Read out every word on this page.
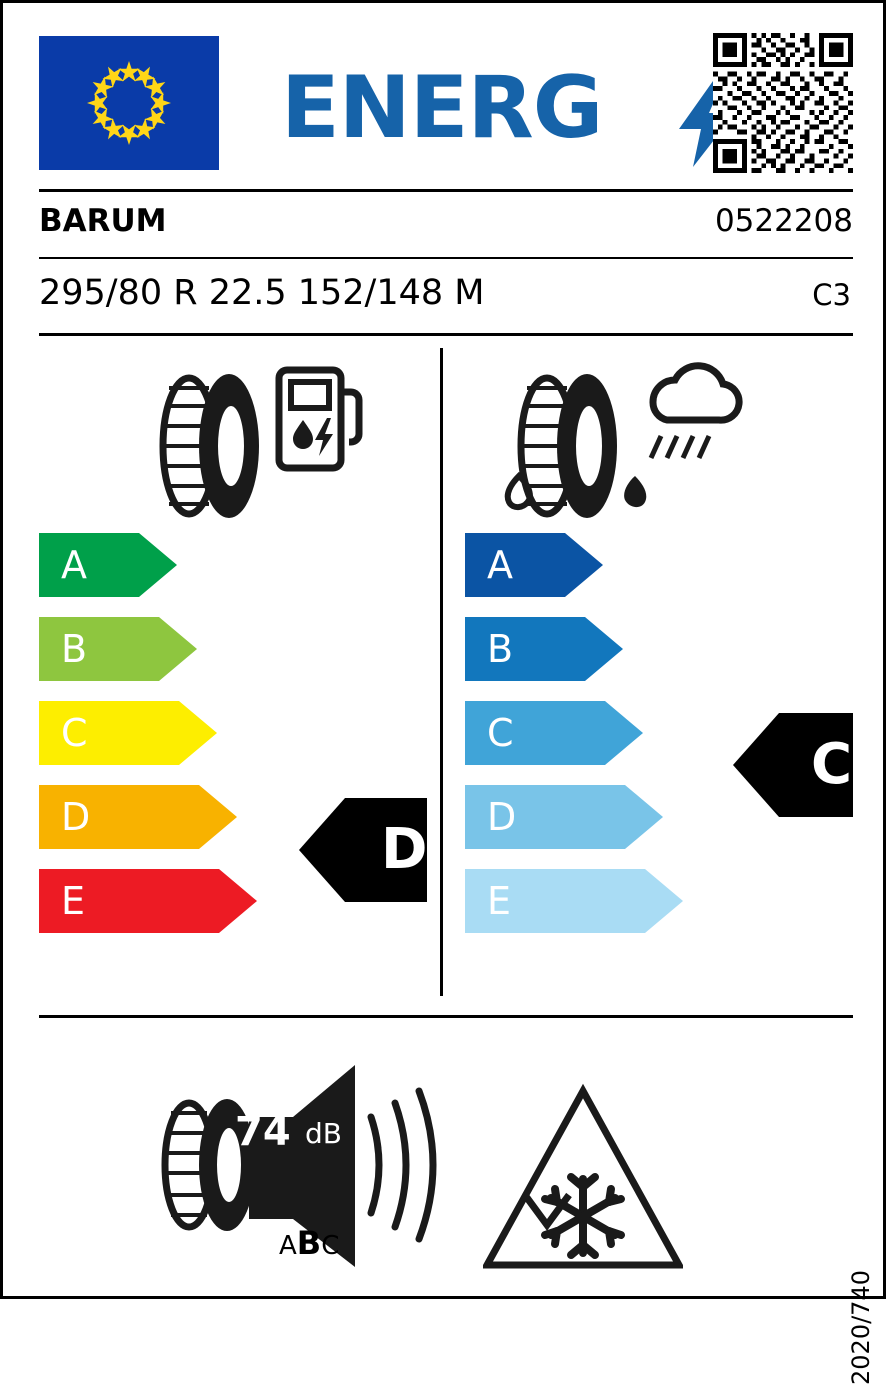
ENERG
BARUM	0522208
295/80 R 22.5 152/148 M	C3
A
B
C
D
E
D
A
B
C
D
E
C
74 dB
ABC
2020/740
